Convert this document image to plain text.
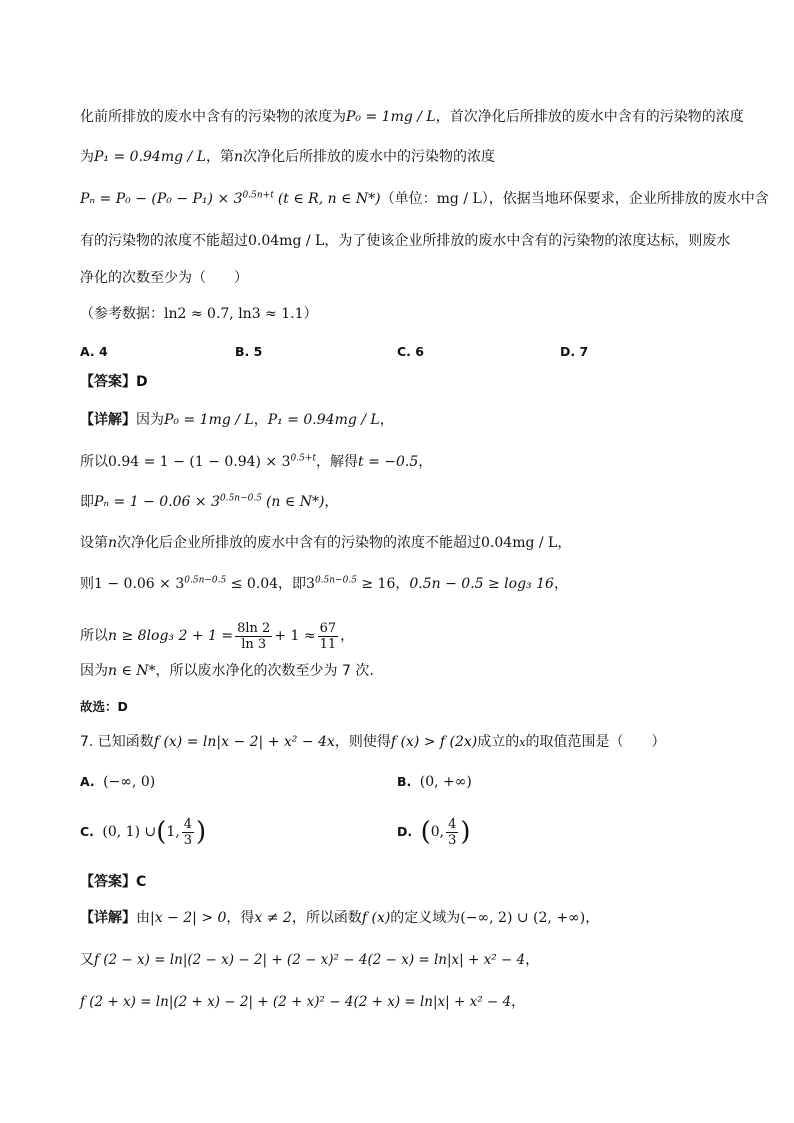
化前所排放的废水中含有的污染物的浓度为P₀ = 1mg / L，首次净化后所排放的废水中含有的污染物的浓度
为P₁ = 0.94mg / L，第n次净化后所排放的废水中的污染物的浓度
$P_n = P_0 - (P_0 - P_1) \times 3^{0.5n+t}$ (t ∈ R, n ∈ N*)（单位：mg / L），依据当地环保要求，企业所排放的废水中含
有的污染物的浓度不能超过0.04mg / L，为了使该企业所排放的废水中含有的污染物的浓度达标，则废水
净化的次数至少为（　　）
（参考数据：ln2 ≈ 0.7, ln3 ≈ 1.1）
A. 4	B. 5	C. 6	D. 7
【答案】D
【详解】因为P₀ = 1mg / L，P₁ = 0.94mg / L，
所以$0.94 = 1 - (1 - 0.94) \times 3^{0.5+t}$，解得t = −0.5，
即$P_n = 1 - 0.06 \times 3^{0.5n-0.5}$ (n ∈ N*)，
设第n次净化后企业所排放的废水中含有的污染物的浓度不能超过0.04mg / L，
则$1 - 0.06 \times 3^{0.5n-0.5} \le 0.04$，即$3^{0.5n-0.5} \ge 16$，0.5n − 0.5 ≥ log₃ 16，
所以n ≥ 8log₃ $2 + 1 = \frac{8\ln 2}{\ln 3} + 1 \approx \frac{67}{11}$ ，
因为n ∈ N*，所以废水净化的次数至少为 7 次.
故选：D
7. 已知函数f (x) = ln|x − 2| + x² − 4x，则使得f (x) > f (2x)成立的x的取值范围是（　　）
A. (−∞, 0)	B. (0, +∞)
C. (0, 1) ∪(1, $\frac{4}{3}$ )	D. (0, $\frac{4}{3}$ )
【答案】C
【详解】由|x − 2| > 0，得x ≠ 2，所以函数f (x)的定义域为(−∞, 2) ∪ (2, +∞)，
又f (2 − x) = ln|(2 − x) − 2| + (2 − x)² − 4(2 − x) = ln|x| + x² − 4，
f (2 + x) = ln|(2 + x) − 2| + (2 + x)² − 4(2 + x) = ln|x| + x² − 4，
